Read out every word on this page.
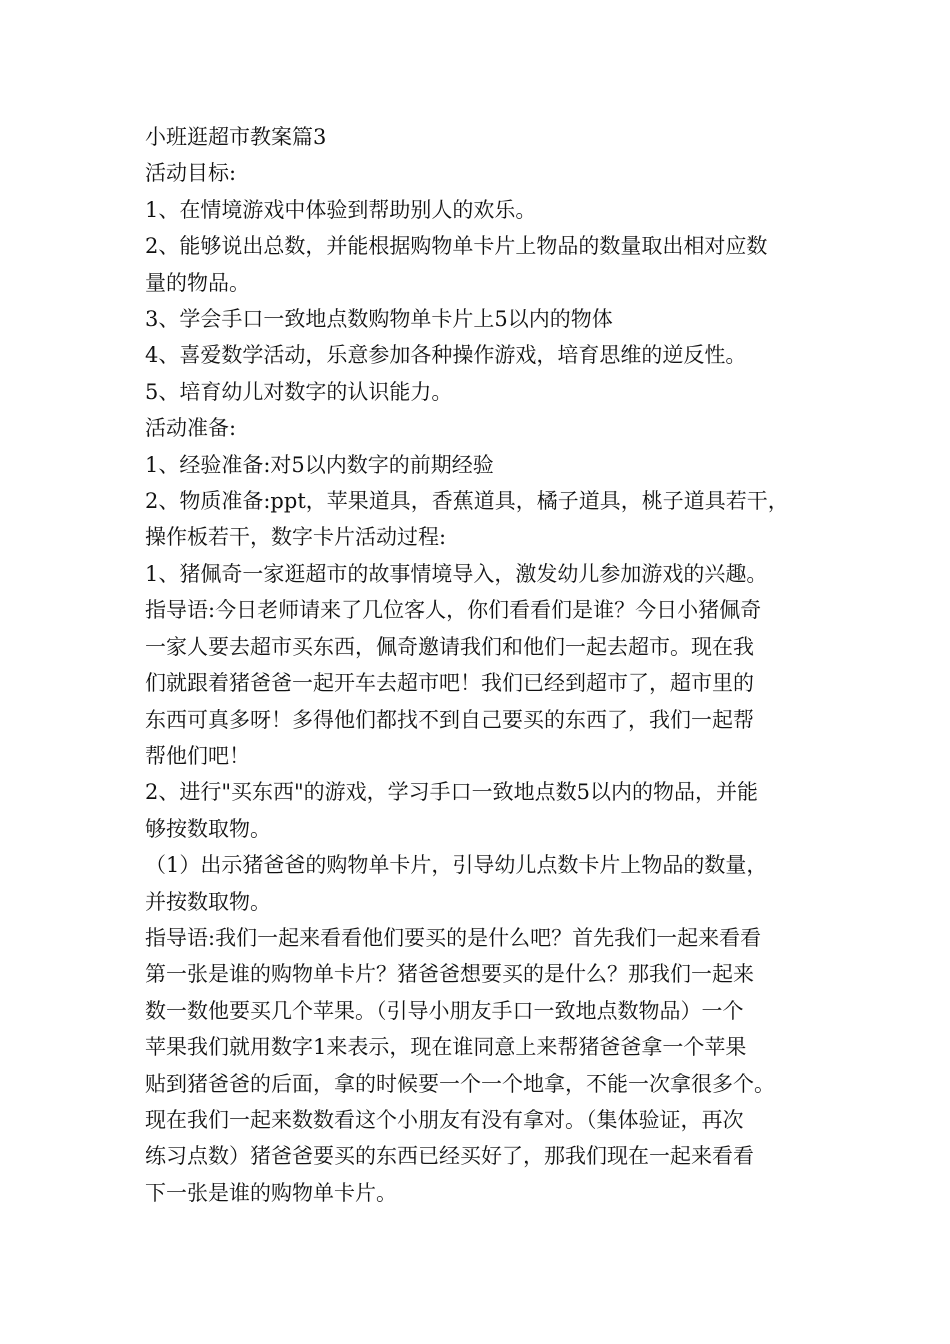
小班逛超市教案篇3
活动目标:
1、在情境游戏中体验到帮助别人的欢乐。
2、能够说出总数，并能根据购物单卡片上物品的数量取出相对应数
量的物品。
3、学会手口一致地点数购物单卡片上5以内的物体
4、喜爱数学活动，乐意参加各种操作游戏，培育思维的逆反性。
5、培育幼儿对数字的认识能力。
活动准备:
1、经验准备:对5以内数字的前期经验
2、物质准备:ppt，苹果道具，香蕉道具，橘子道具，桃子道具若干，
操作板若干，数字卡片活动过程:
1、猪佩奇一家逛超市的故事情境导入，激发幼儿参加游戏的兴趣。
指导语:今日老师请来了几位客人，你们看看们是谁？今日小猪佩奇
一家人要去超市买东西，佩奇邀请我们和他们一起去超市。现在我
们就跟着猪爸爸一起开车去超市吧！我们已经到超市了，超市里的
东西可真多呀！多得他们都找不到自己要买的东西了，我们一起帮
帮他们吧！
2、进行"买东西"的游戏，学习手口一致地点数5以内的物品，并能
够按数取物。
（1）出示猪爸爸的购物单卡片，引导幼儿点数卡片上物品的数量，
并按数取物。
指导语:我们一起来看看他们要买的是什么吧？首先我们一起来看看
第一张是谁的购物单卡片？猪爸爸想要买的是什么？那我们一起来
数一数他要买几个苹果。（引导小朋友手口一致地点数物品）一个
苹果我们就用数字1来表示，现在谁同意上来帮猪爸爸拿一个苹果
贴到猪爸爸的后面，拿的时候要一个一个地拿，不能一次拿很多个。
现在我们一起来数数看这个小朋友有没有拿对。（集体验证，再次
练习点数）猪爸爸要买的东西已经买好了，那我们现在一起来看看
下一张是谁的购物单卡片。
